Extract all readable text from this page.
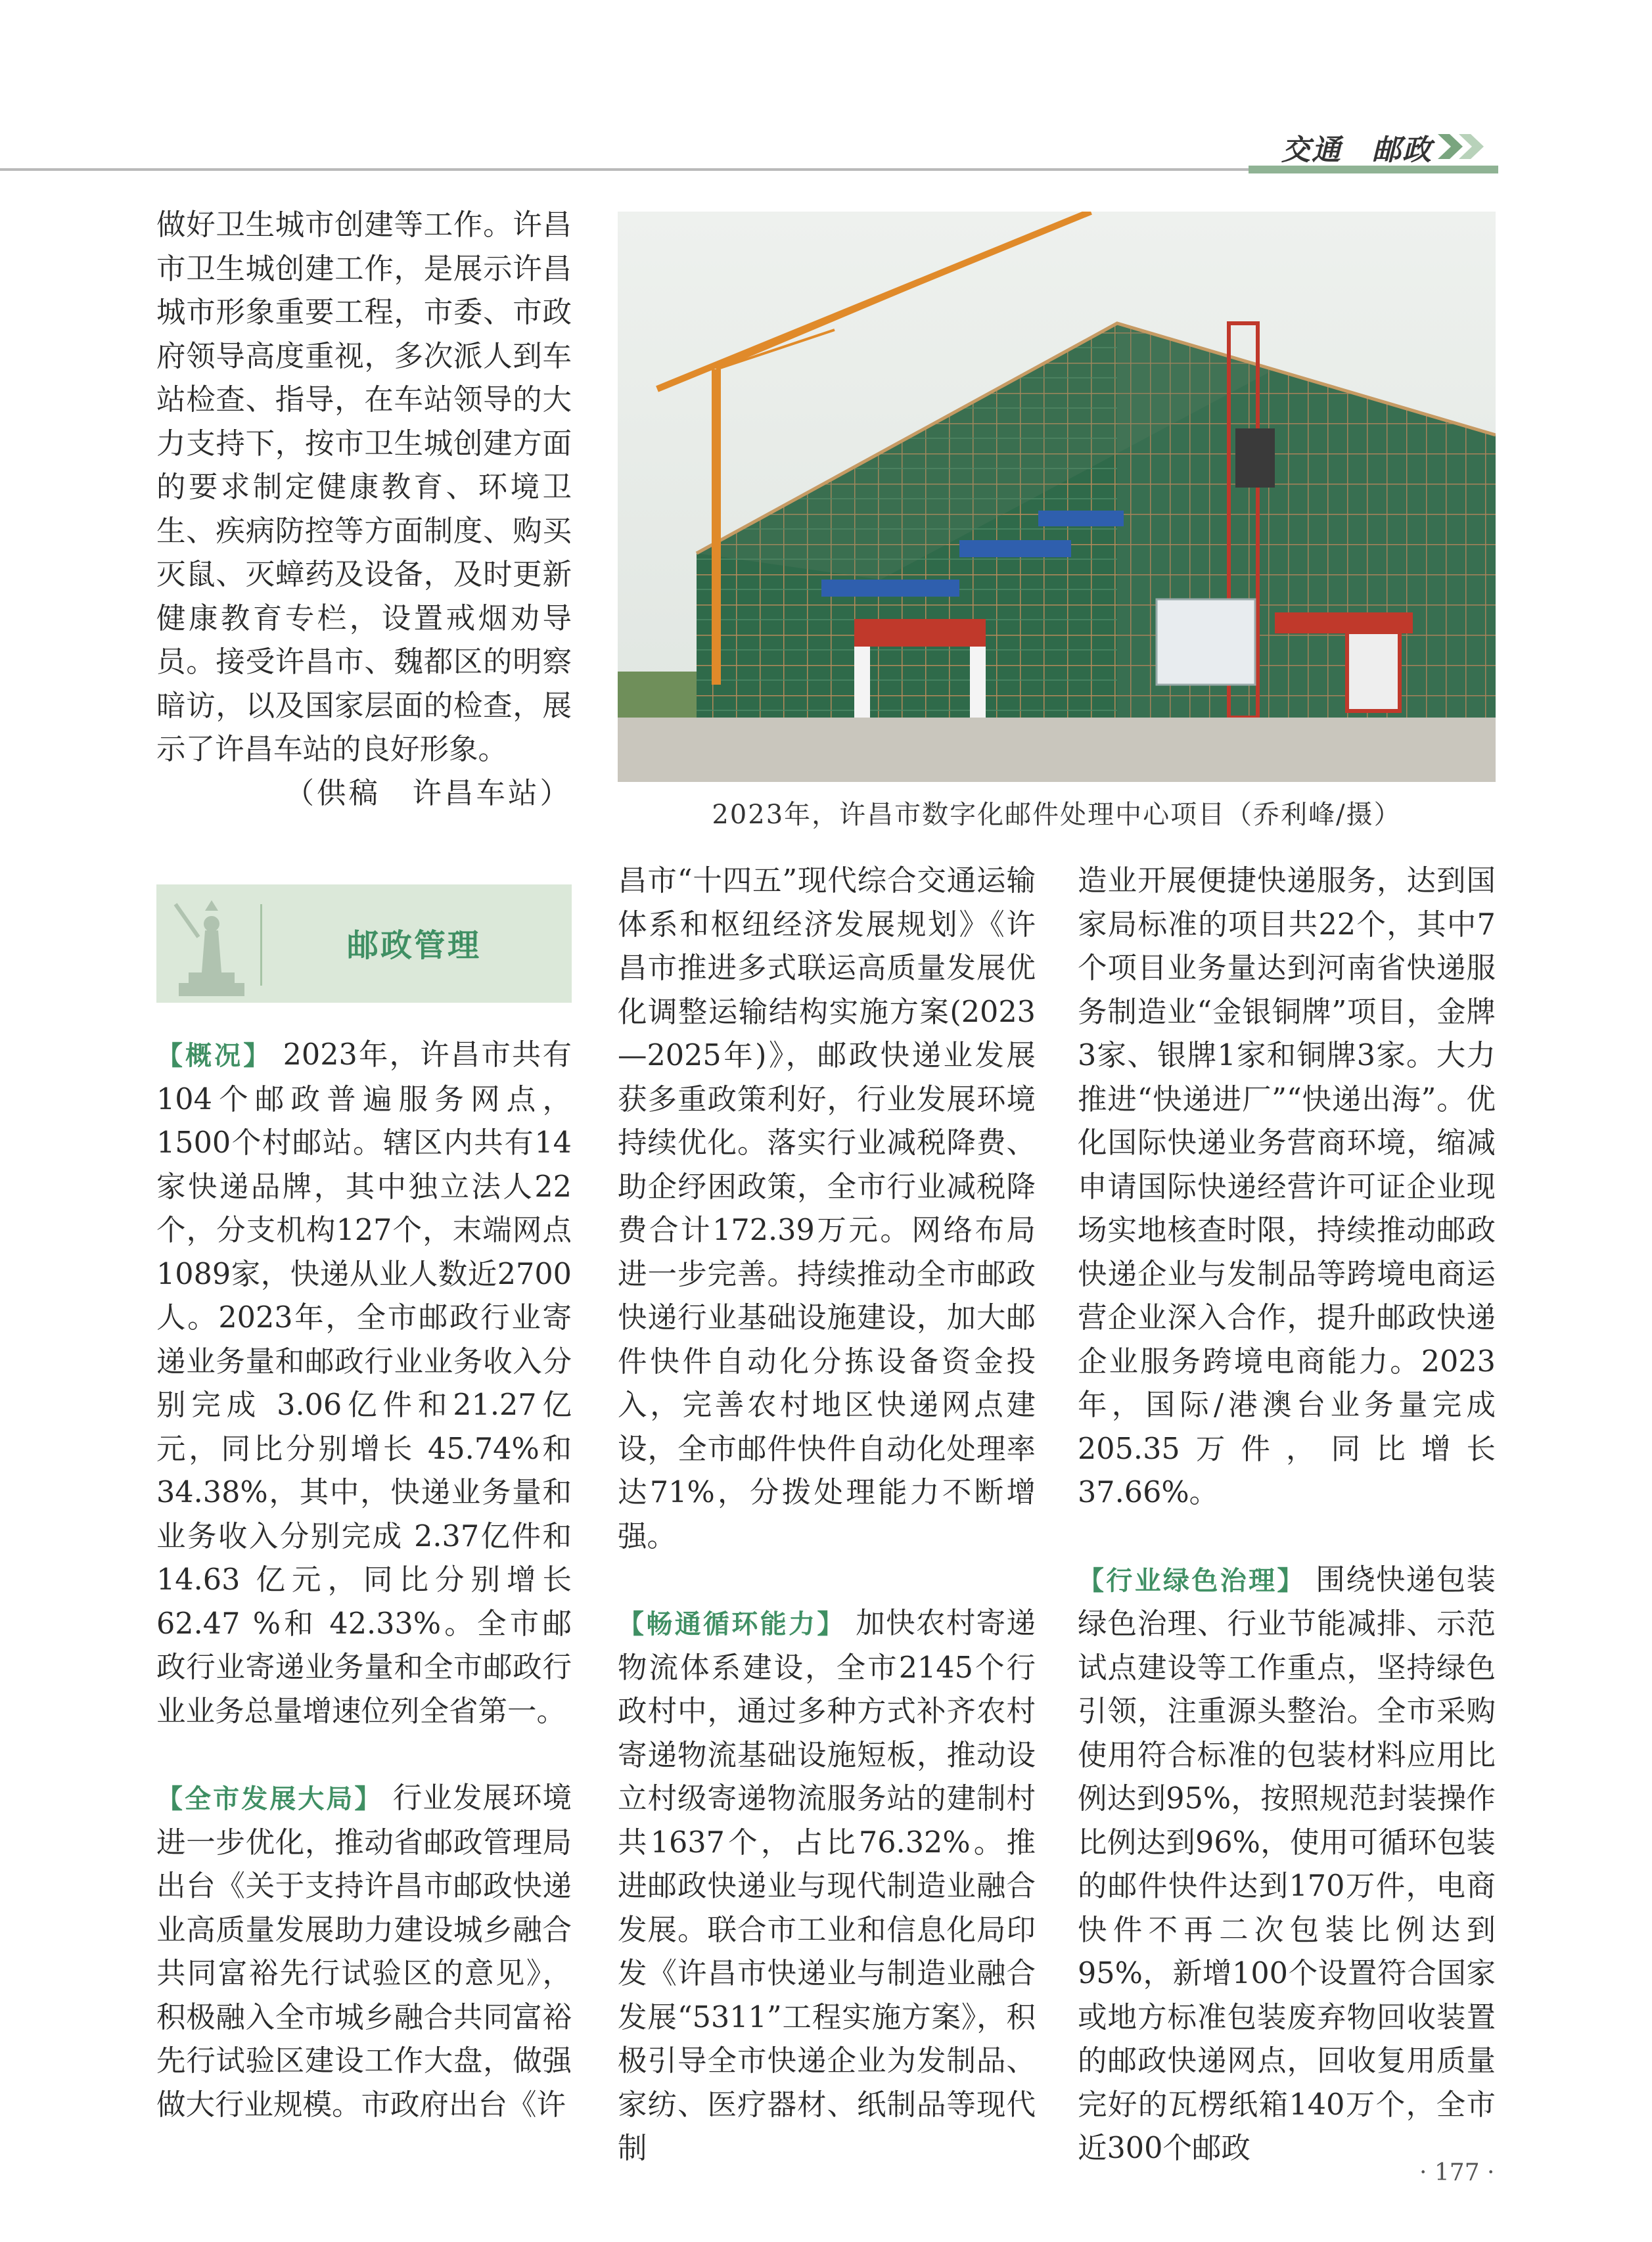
交通　邮政

做好卫生城市创建等工作。许昌市卫生城创建工作，是展示许昌城市形象重要工程，市委、市政府领导高度重视，多次派人到车站检查、指导，在车站领导的大力支持下，按市卫生城创建方面的要求制定健康教育、环境卫生、疾病防控等方面制度、购买灭鼠、灭蟑药及设备，及时更新健康教育专栏，设置戒烟劝导员。接受许昌市、魏都区的明察暗访，以及国家层面的检查，展示了许昌车站的良好形象。

（供稿　许昌车站）

2023年，许昌市数字化邮件处理中心项目（乔利峰/摄）
邮政管理

【概况】 2023年，许昌市共有104个邮政普遍服务网点，1500个村邮站。辖区内共有14家快递品牌，其中独立法人22个，分支机构127个，末端网点1089家，快递从业人数近2700人。2023年，全市邮政行业寄递业务量和邮政行业业务收入分别完成 3.06亿件和21.27亿元，同比分别增长 45.74%和34.38%，其中，快递业务量和业务收入分别完成 2.37亿件和14.63 亿元，同比分别增长62.47 %和 42.33%。全市邮政行业寄递业务量和全市邮政行业业务总量增速位列全省第一。

【全市发展大局】 行业发展环境进一步优化，推动省邮政管理局出台《关于支持许昌市邮政快递业高质量发展助力建设城乡融合共同富裕先行试验区的意见》，积极融入全市城乡融合共同富裕先行试验区建设工作大盘，做强做大行业规模。市政府出台《许

昌市“十四五”现代综合交通运输体系和枢纽经济发展规划》《许昌市推进多式联运高质量发展优化调整运输结构实施方案(2023—2025年)》，邮政快递业发展获多重政策利好，行业发展环境持续优化。落实行业减税降费、助企纾困政策，全市行业减税降费合计172.39万元。网络布局进一步完善。持续推动全市邮政快递行业基础设施建设，加大邮件快件自动化分拣设备资金投入，完善农村地区快递网点建设，全市邮件快件自动化处理率达71%，分拨处理能力不断增强。

【畅通循环能力】 加快农村寄递物流体系建设，全市2145个行政村中，通过多种方式补齐农村寄递物流基础设施短板，推动设立村级寄递物流服务站的建制村共1637个，占比76.32%。推进邮政快递业与现代制造业融合发展。联合市工业和信息化局印发《许昌市快递业与制造业融合发展“5311”工程实施方案》，积极引导全市快递企业为发制品、家纺、医疗器材、纸制品等现代制

造业开展便捷快递服务，达到国家局标准的项目共22个，其中7个项目业务量达到河南省快递服务制造业“金银铜牌”项目，金牌3家、银牌1家和铜牌3家。大力推进“快递进厂”“快递出海”。优化国际快递业务营商环境，缩减申请国际快递经营许可证企业现场实地核查时限，持续推动邮政快递企业与发制品等跨境电商运营企业深入合作，提升邮政快递企业服务跨境电商能力。2023年，国际/港澳台业务量完成205.35万件，同比增长37.66%。

【行业绿色治理】 围绕快递包装绿色治理、行业节能减排、示范试点建设等工作重点，坚持绿色引领，注重源头整治。全市采购使用符合标准的包装材料应用比例达到95%，按照规范封装操作比例达到96%，使用可循环包装的邮件快件达到170万件，电商快件不再二次包装比例达到95%，新增100个设置符合国家或地方标准包装废弃物回收装置的邮政快递网点，回收复用质量完好的瓦楞纸箱140万个，全市近300个邮政

· 177 ·
